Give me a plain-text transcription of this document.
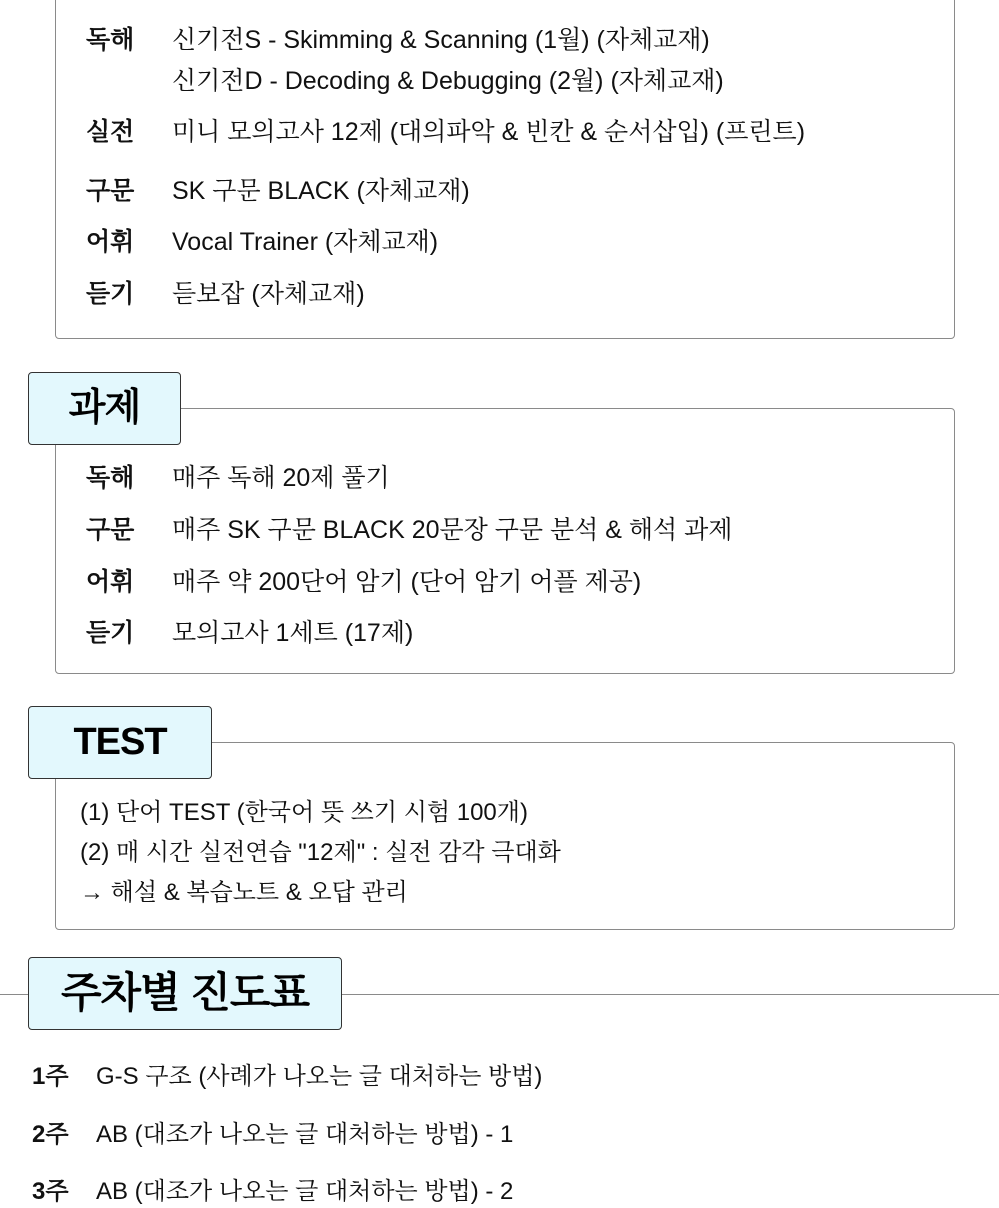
독해 신기전S - Skimming & Scanning (1월) (자체교재)
신기전D - Decoding & Debugging (2월) (자체교재)
실전 미니 모의고사 12제 (대의파악 & 빈칸 & 순서삽입) (프린트)
구문 SK 구문 BLACK (자체교재)
어휘 Vocal Trainer (자체교재)
듣기 듣보잡 (자체교재)
독해 매주 독해 20제 풀기
구문 매주 SK 구문 BLACK 20문장 구문 분석 & 해석 과제
어휘 매주 약 200단어 암기 (단어 암기 어플 제공)
듣기 모의고사 1세트 (17제)
과제
(1) 단어 TEST (한국어 뜻 쓰기 시험 100개)
(2) 매 시간 실전연습 "12제" : 실전 감각 극대화
→ 해설 & 복습노트 & 오답 관리
TEST
주차별 진도표
1주 G-S 구조 (사례가 나오는 글 대처하는 방법)
2주 AB (대조가 나오는 글 대처하는 방법) - 1
3주 AB (대조가 나오는 글 대처하는 방법) - 2
